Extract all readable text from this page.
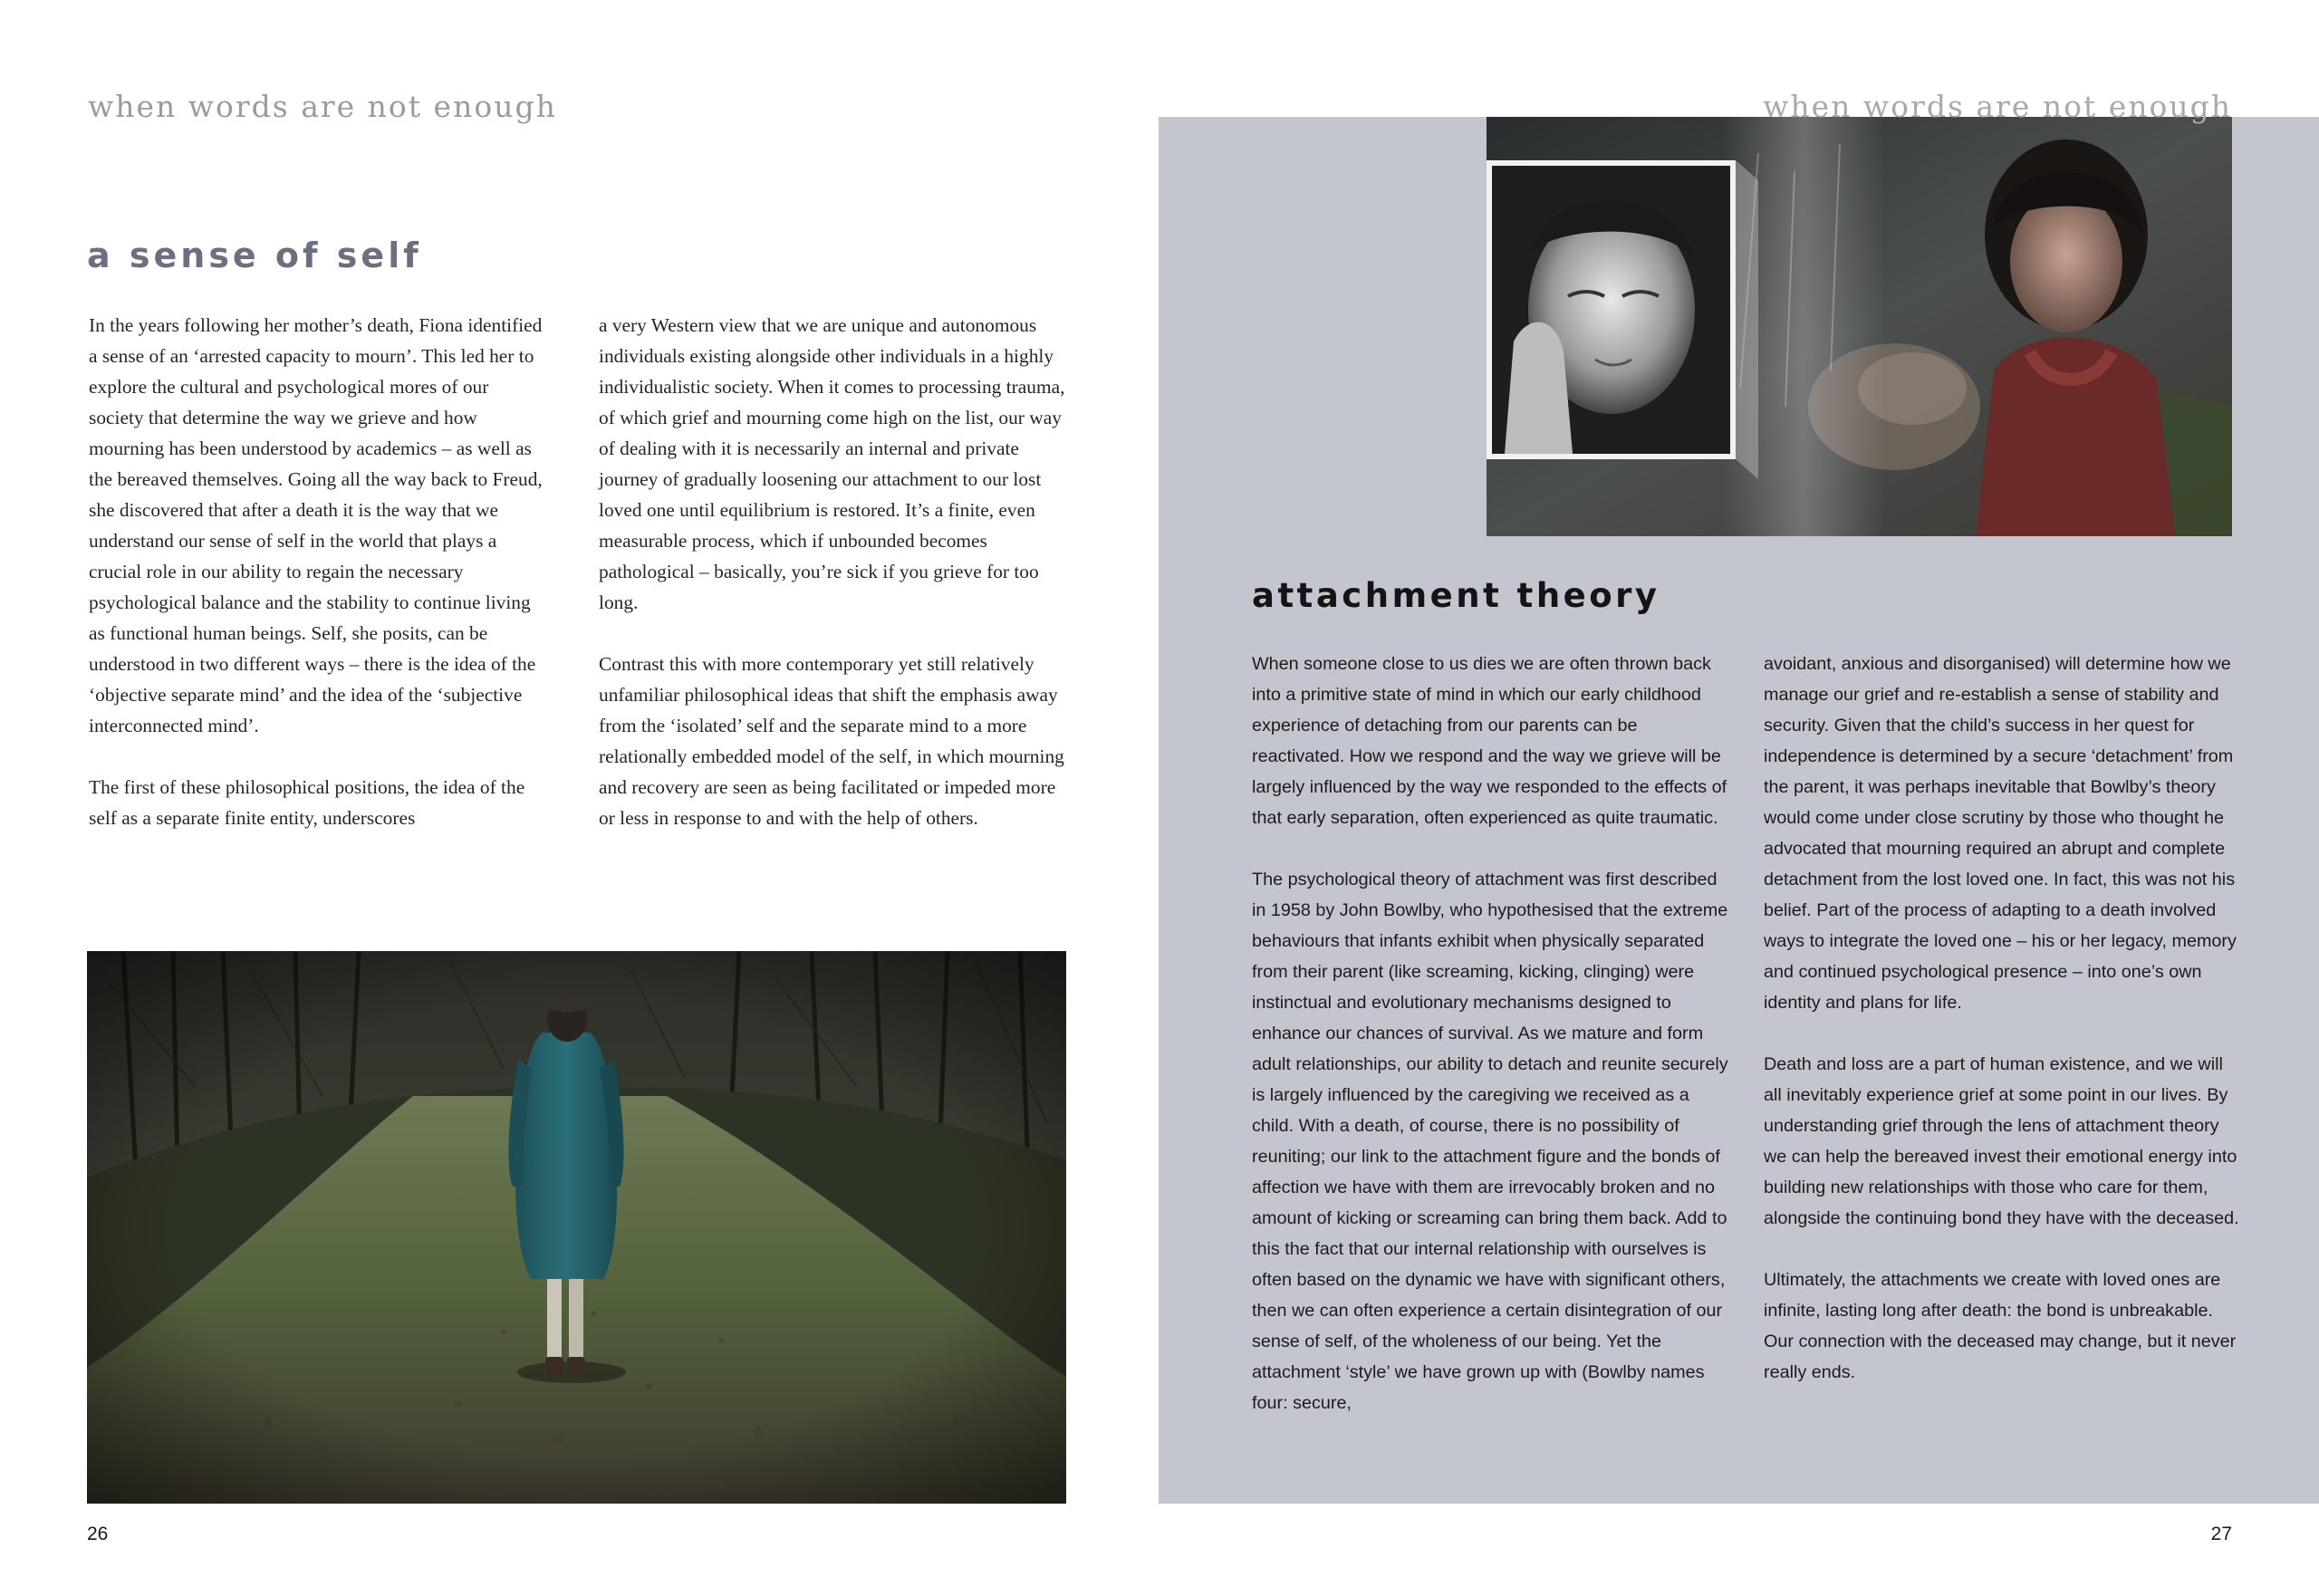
when words are not enough
a sense of self

In the years following her mother’s death, Fiona identified a sense of an ‘arrested capacity to mourn’. This led her to explore the cultural and psychological mores of our society that determine the way we grieve and how mourning has been understood by academics – as well as the bereaved themselves. Going all the way back to Freud, she discovered that after a death it is the way that we understand our sense of self in the world that plays a crucial role in our ability to regain the necessary psychological balance and the stability to continue living as functional human beings. Self, she posits, can be understood in two different ways – there is the idea of the ‘objective separate mind’ and the idea of the ‘subjective interconnected mind’.

The first of these philosophical positions, the idea of the self as a separate finite entity, underscores

a very Western view that we are unique and autonomous individuals existing alongside other individuals in a highly individualistic society. When it comes to processing trauma, of which grief and mourning come high on the list, our way of dealing with it is necessarily an internal and private journey of gradually loosening our attachment to our lost loved one until equilibrium is restored. It’s a finite, even measurable process, which if unbounded becomes pathological – basically, you’re sick if you grieve for too long.

Contrast this with more contemporary yet still relatively unfamiliar philosophical ideas that shift the emphasis away from the ‘isolated’ self and the separate mind to a more relationally embedded model of the self, in which mourning and recovery are seen as being facilitated or impeded more or less in response to and with the help of others.

26
when words are not enough
attachment theory

When someone close to us dies we are often thrown back into a primitive state of mind in which our early childhood experience of detaching from our parents can be reactivated. How we respond and the way we grieve will be largely influenced by the way we responded to the effects of that early separation, often experienced as quite traumatic.

The psychological theory of attachment was first described in 1958 by John Bowlby, who hypothesised that the extreme behaviours that infants exhibit when physically separated from their parent (like screaming, kicking, clinging) were instinctual and evolutionary mechanisms designed to enhance our chances of survival. As we mature and form adult relationships, our ability to detach and reunite securely is largely influenced by the caregiving we received as a child. With a death, of course, there is no possibility of reuniting; our link to the attachment figure and the bonds of affection we have with them are irrevocably broken and no amount of kicking or screaming can bring them back. Add to this the fact that our internal relationship with ourselves is often based on the dynamic we have with significant others, then we can often experience a certain disintegration of our sense of self, of the wholeness of our being. Yet the attachment ‘style’ we have grown up with (Bowlby names four: secure,

avoidant, anxious and disorganised) will determine how we manage our grief and re-establish a sense of stability and security. Given that the child’s success in her quest for independence is determined by a secure ‘detachment’ from the parent, it was perhaps inevitable that Bowlby’s theory would come under close scrutiny by those who thought he advocated that mourning required an abrupt and complete detachment from the lost loved one. In fact, this was not his belief. Part of the process of adapting to a death involved ways to integrate the loved one – his or her legacy, memory and continued psychological presence – into one’s own identity and plans for life.

Death and loss are a part of human existence, and we will all inevitably experience grief at some point in our lives. By understanding grief through the lens of attachment theory we can help the bereaved invest their emotional energy into building new relationships with those who care for them, alongside the continuing bond they have with the deceased.

Ultimately, the attachments we create with loved ones are infinite, lasting long after death: the bond is unbreakable. Our connection with the deceased may change, but it never really ends.

27
